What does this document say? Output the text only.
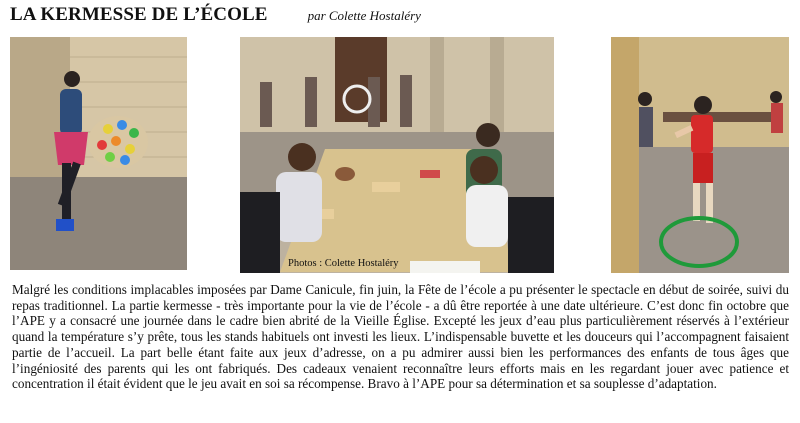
LA KERMESSE DE L’ÉCOLE	par Colette Hostaléry
Photos : Colette Hostaléry

Malgré les conditions implacables imposées par Dame Canicule, fin juin, la Fête de l’école a pu présenter le spectacle en début de soirée, suivi du repas traditionnel. La partie kermesse - très importante pour la vie de l’école - a dû être reportée à une date ultérieure. C’est donc fin octobre que l’APE y a consacré une journée dans le cadre bien abrité de la Vieille Église. Excepté les jeux d’eau plus particulièrement réservés à l’extérieur quand la température s’y prête, tous les stands habituels ont investi les lieux. L’indispensable buvette et les douceurs qui l’accompagnent faisaient partie de l’accueil. La part belle étant faite aux jeux d’adresse, on a pu admirer aussi bien les performances des enfants de tous âges que l’ingéniosité des parents qui les ont fabriqués. Des cadeaux venaient reconnaître leurs efforts mais en les regardant jouer avec patience et concentration il était évident que le jeu avait en soi sa récompense. Bravo à l’APE pour sa détermination et sa souplesse d’adaptation.
